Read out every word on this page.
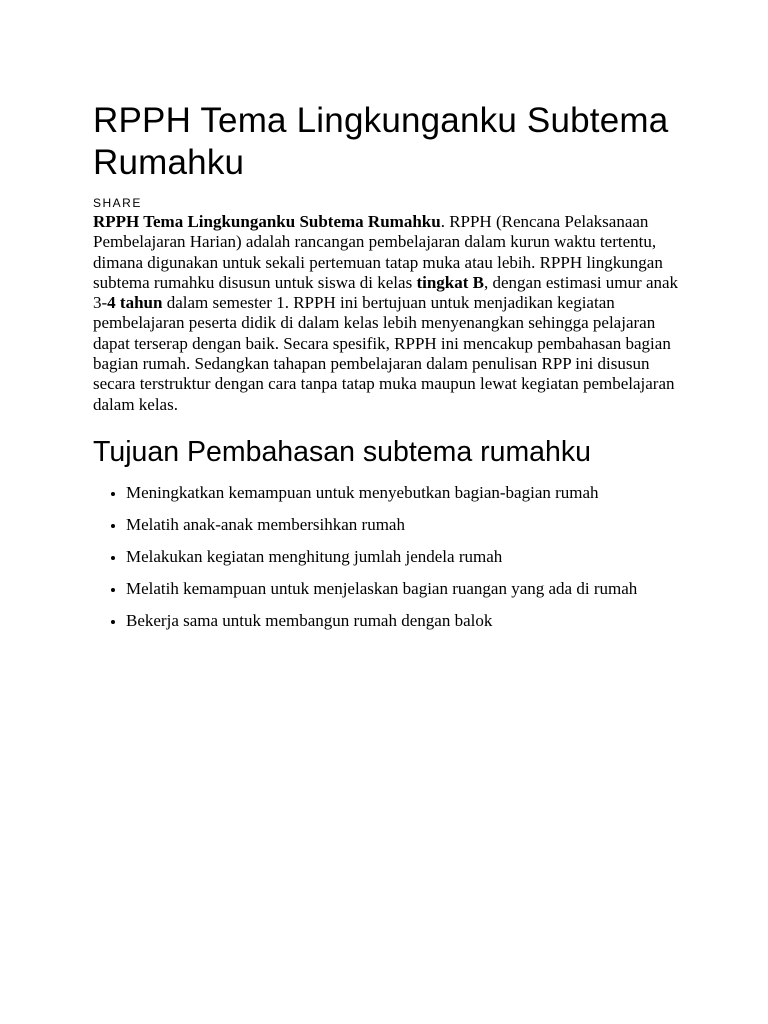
RPPH Tema Lingkunganku Subtema Rumahku
SHARE

RPPH Tema Lingkunganku Subtema Rumahku. RPPH (Rencana Pelaksanaan Pembelajaran Harian) adalah rancangan pembelajaran dalam kurun waktu tertentu, dimana digunakan untuk sekali pertemuan tatap muka atau lebih. RPPH lingkungan subtema rumahku disusun untuk siswa di kelas tingkat B, dengan estimasi umur anak 3-4 tahun dalam semester 1. RPPH ini bertujuan untuk menjadikan kegiatan pembelajaran peserta didik di dalam kelas lebih menyenangkan sehingga pelajaran dapat terserap dengan baik. Secara spesifik, RPPH ini mencakup pembahasan bagian bagian rumah. Sedangkan tahapan pembelajaran dalam penulisan RPP ini disusun secara terstruktur dengan cara tanpa tatap muka maupun lewat kegiatan pembelajaran dalam kelas.

Tujuan Pembahasan subtema rumahku
• Meningkatkan kemampuan untuk menyebutkan bagian-bagian rumah
• Melatih anak-anak membersihkan rumah
• Melakukan kegiatan menghitung jumlah jendela rumah
• Melatih kemampuan untuk menjelaskan bagian ruangan yang ada di rumah
• Bekerja sama untuk membangun rumah dengan balok
